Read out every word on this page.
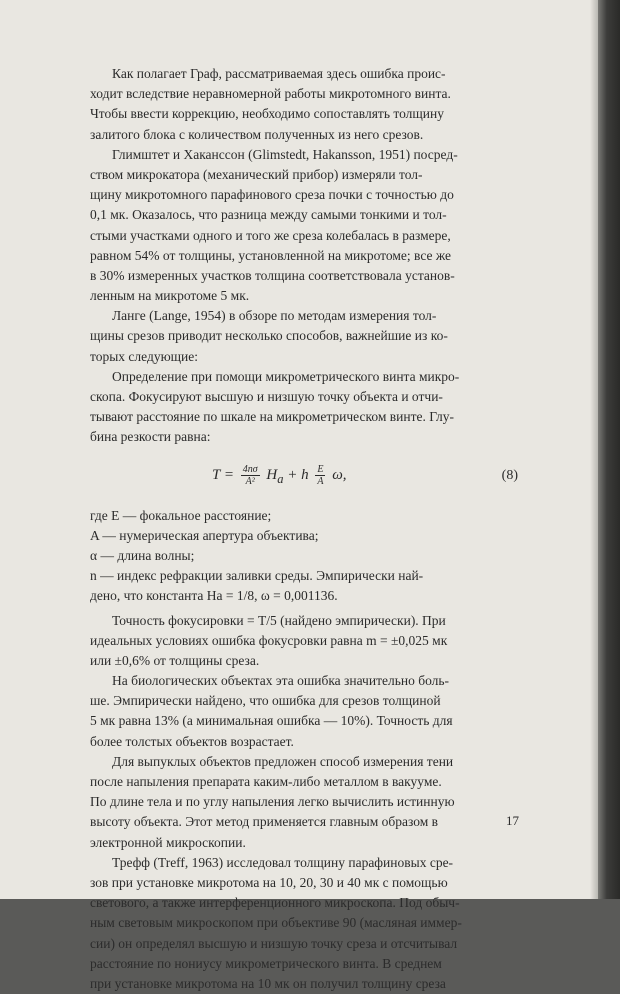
Как полагает Граф, рассматриваемая здесь ошибка проис-
ходит вследствие неравномерной работы микротомного винта.
Чтобы ввести коррекцию, необходимо сопоставлять толщину
залитого блока с количеством полученных из него срезов.
Глимштет и Хаканссон (Glimstedt, Hakansson, 1951) посред-
ством микрокатора (механический прибор) измеряли тол-
щину микротомного парафинового среза почки с точностью до
0,1 мк. Оказалось, что разница между самыми тонкими и тол-
стыми участками одного и того же среза колебалась в размере,
равном 54% от толщины, установленной на микротоме; все же
в 30% измеренных участков толщина соответствовала установ-
ленным на микротоме 5 мк.
Ланге (Lange, 1954) в обзоре по методам измерения тол-
щины срезов приводит несколько способов, важнейшие из ко-
торых следующие:
Определение при помощи микрометрического винта микро-
скопа. Фокусируют высшую и низшую точку объекта и отчи-
тывают расстояние по шкале на микрометрическом винте. Глу-
бина резкости равна:
$T = \frac{4n\sigma}{\text{A²}} H_a + h \frac{E}{A} \omega$,	(8)
где E — фокальное расстояние;
A — нумерическая апертура объектива;
α — длина волны;
n — индекс рефракции заливки среды. Эмпирически най-
дено, что константа Hа = 1/8, ω = 0,001136.
Точность фокусировки = T/5 (найдено эмпирически). При
идеальных условиях ошибка фокусровки равна m = ±0,025 мк
или ±0,6% от толщины среза.
На биологических объектах эта ошибка значительно боль-
ше. Эмпирически найдено, что ошибка для срезов толщиной
5 мк равна 13% (а минимальная ошибка — 10%). Точность для
более толстых объектов возрастает.
Для выпуклых объектов предложен способ измерения тени
после напыления препарата каким-либо металлом в вакууме.
По длине тела и по углу напыления легко вычислить истинную
высоту объекта. Этот метод применяется главным образом в
электронной микроскопии.
Трефф (Treff, 1963) исследовал толщину парафиновых сре-
зов при установке микротома на 10, 20, 30 и 40 мк с помощью
светового, а также интерференционного микроскопа. Под обыч-
ным световым микроскопом при объективе 90 (масляная иммер-
сии) он определял высшую и низшую точку среза и отсчитывал
расстояние по нониусу микрометрического винта. В среднем
при установке микротома на 10 мк он получил толщину среза
17
